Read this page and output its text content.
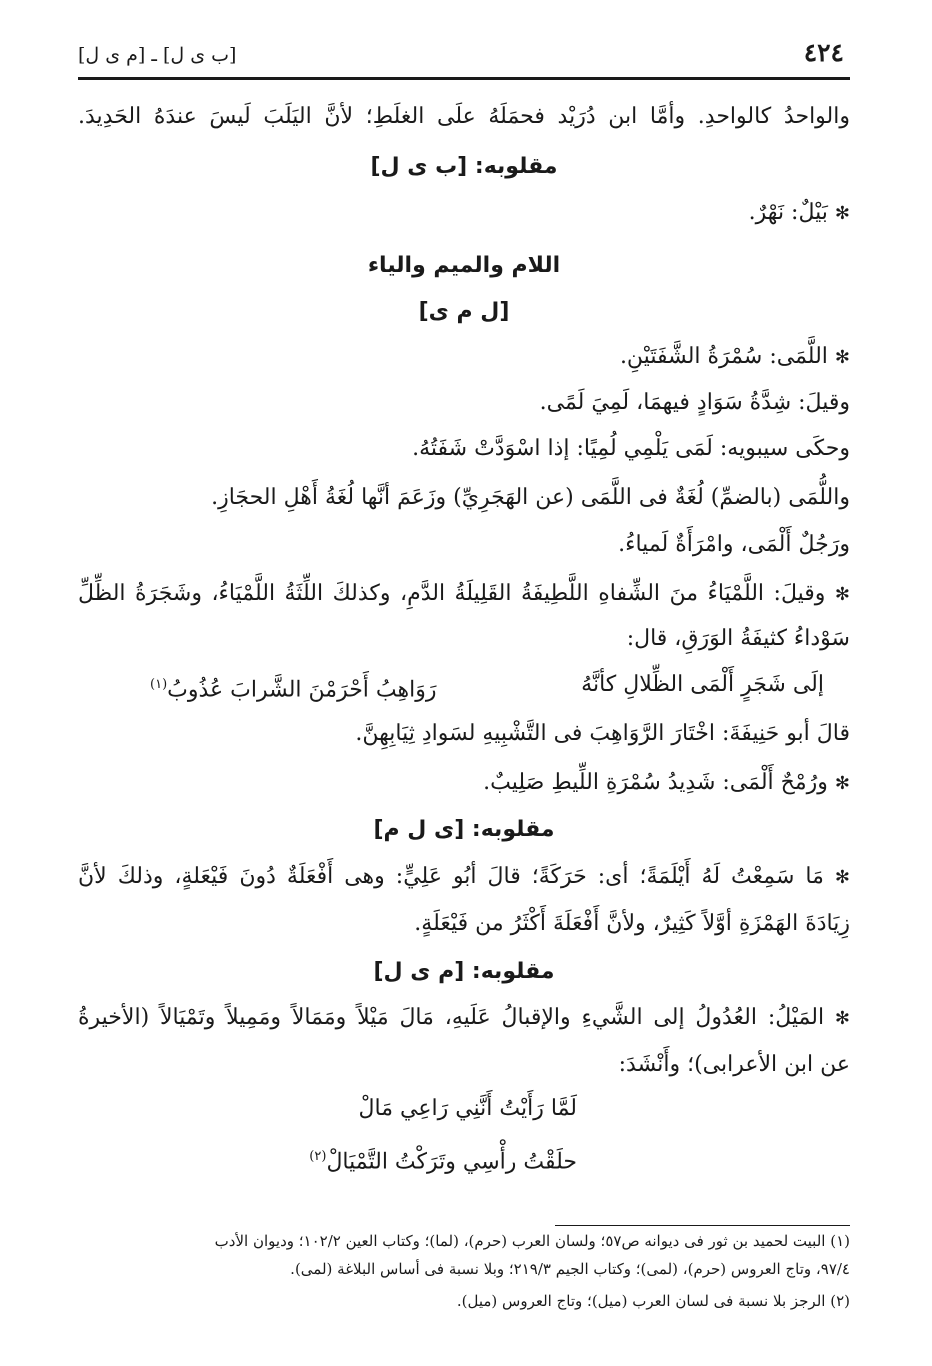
٤٢٤
[ب ى ل] ـ [م ى ل]
والواحدُ كالواحدِ. وأمَّا ابن دُرَيْد فحمَلَهُ علَى الغلَطِ؛ لأنَّ اليَلَبَ لَيسَ عندَهُ الحَدِيدَ.
مقلوبه: [ب ى ل]
✻ بَيْلٌ: نَهْرٌ.
اللام والميم والياء
[ل م ى]
✻ اللَّمَى: سُمْرَةُ الشَّفَتَيْنِ.
وقيلَ: شِدَّةُ سَوَادٍ فيهمَا، لَمِيَ لَمًى.
وحكَى سيبويه: لَمَى يَلْمِي لُمِيًا: إذا اسْوَدَّتْ شَفَتُهُ.
واللُّمَى (بالضمِّ) لُغَةٌ فى اللَّمَى (عن الهَجَرِيِّ) وزَعَمَ أنَّها لُغَةُ أَهْلِ الحجَازِ.
ورَجُلٌ أَلْمَى، وامْرَأَةٌ لَمياءُ.
✻ وقيلَ: اللَّمْيَاءُ منَ الشِّفاهِ اللَّطِيفَةُ القَلِيلَةُ الدَّمِ، وكذلكَ اللِّثَةُ اللَّمْيَاءُ، وشَجَرَةُ الظِّلِّ
سَوْداءُ كثيفَةُ الوَرَقِ، قال:
إلَى شَجَرٍ أَلْمَى الظِّلالِ كأنَّهُ
رَوَاهِبُ أَحْرَمْنَ الشَّرابَ عُذُوبُ$^{(١)}$
قالَ أبو حَنِيفَةَ: اخْتَارَ الرَّوَاهِبَ فى التَّشْبِيهِ لسَوادِ ثِيَابِهِنَّ.
✻ ورُمْحٌ أَلْمَى: شَدِيدُ سُمْرَةِ اللِّيطِ صَلِيبٌ.
مقلوبه: [ى ل م]
✻ مَا سَمِعْتُ لَهُ أَيْلَمَةً؛ أى: حَرَكَةً؛ قالَ أبُو عَلِيٍّ: وهى أَفْعَلَةٌ دُونَ فَيْعَلةٍ، وذلكَ لأنَّ
زِيَادَةَ الهَمْزَةِ أوَّلاً كَثِيرٌ، ولأنَّ أَفْعَلَةَ أَكْثَرُ من فَيْعَلَةٍ.
مقلوبه: [م ى ل]
✻ المَيْلُ: العُدُولُ إلى الشَّيءِ والإقبالُ عَلَيهِ، مَالَ مَيْلاً ومَمَالاً ومَمِيلاً وتَمْيَالاً (الأخيرةُ
عن ابن الأعرابى)؛ وأَنْشَدَ:
لَمَّا رَأَيْتُ أَنَّنِي رَاعِي مَالْ
حلَقْتُ رأْسِي وتَرَكْتُ التَّمْيَالْ$^{(٢)}$
(١) البيت لحميد بن ثور فى ديوانه ص٥٧؛ ولسان العرب (حرم)، (لما)؛ وكتاب العين ١٠٢/٢؛ وديوان الأدب
٩٧/٤، وتاج العروس (حرم)، (لمى)؛ وكتاب الجيم ٢١٩/٣؛ وبلا نسبة فى أساس البلاغة (لمى).
(٢) الرجز بلا نسبة فى لسان العرب (ميل)؛ وتاج العروس (ميل).
